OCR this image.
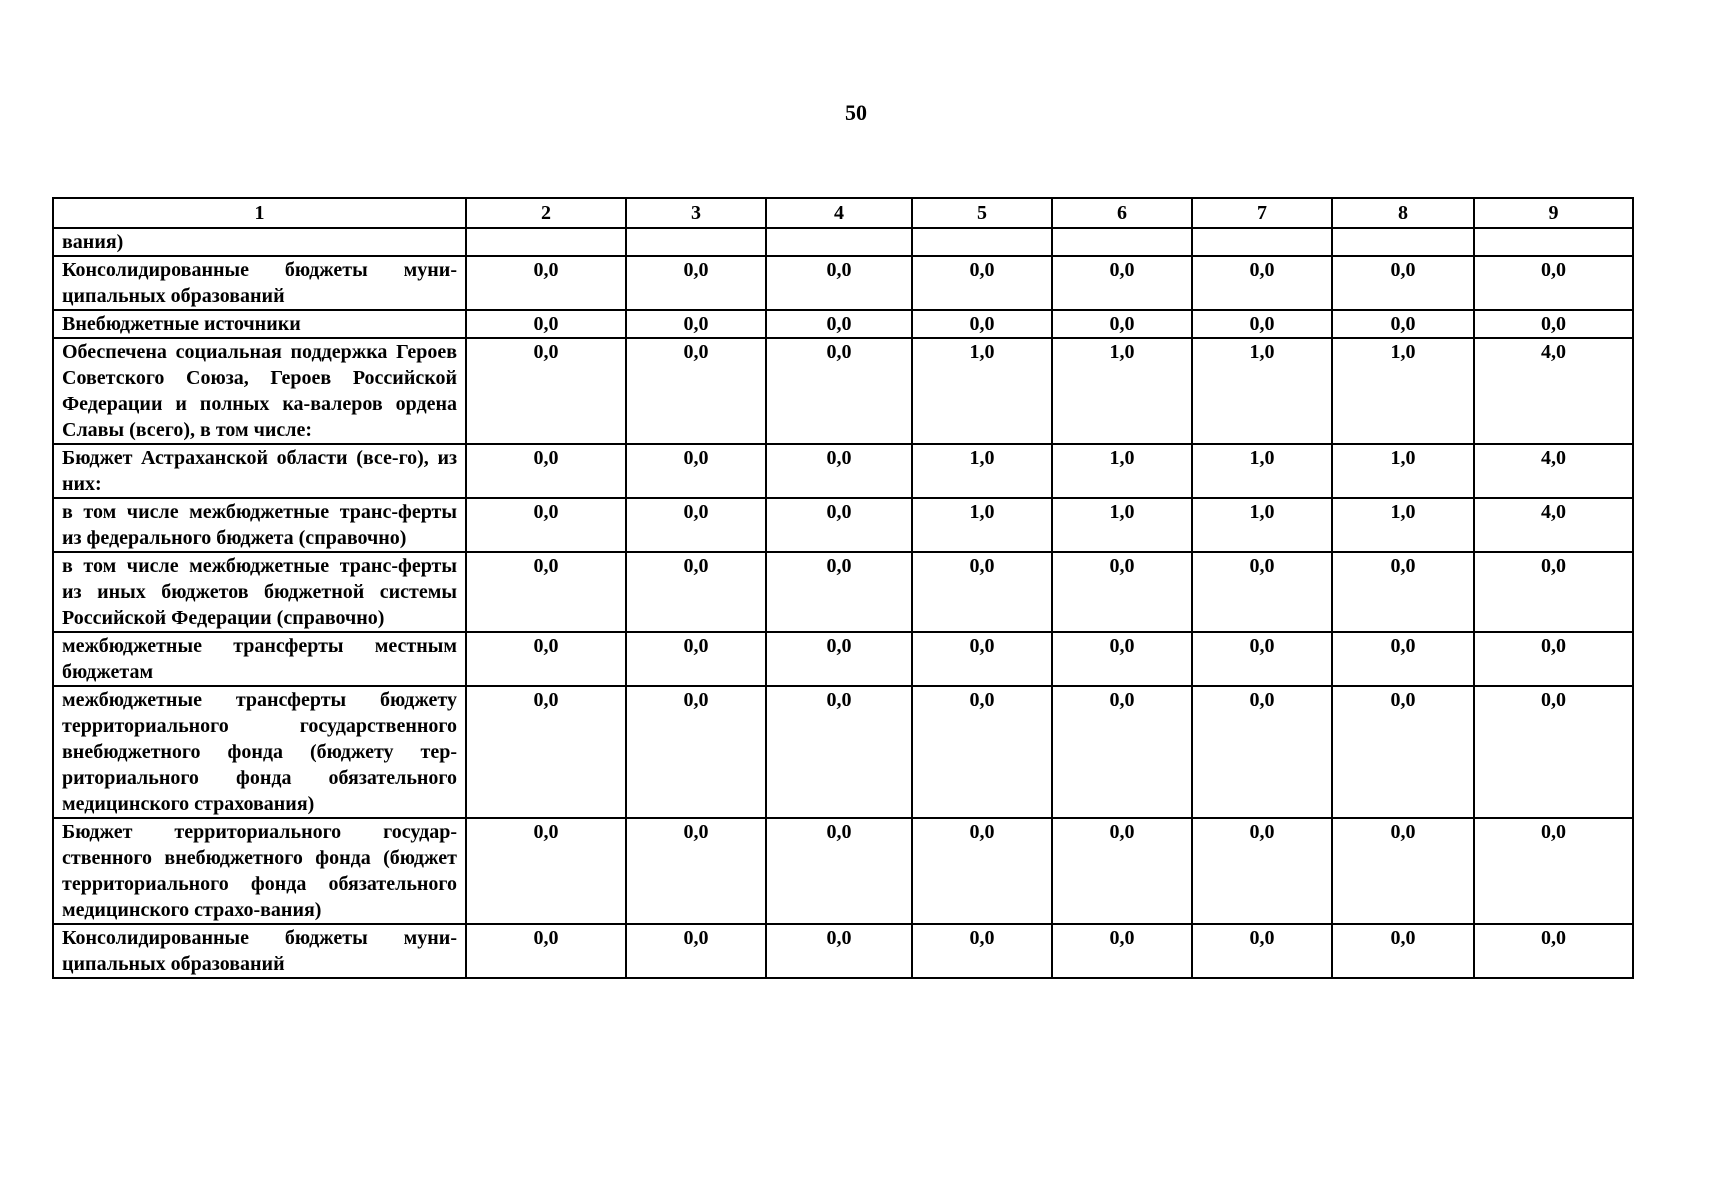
50
1	2	3	4	5	6	7	8	9
вания)								
Консолидированные бюджеты муни-ципальных образований	0,0	0,0	0,0	0,0	0,0	0,0	0,0	0,0
Внебюджетные источники	0,0	0,0	0,0	0,0	0,0	0,0	0,0	0,0
Обеспечена социальная поддержка Героев Советского Союза, Героев Российской Федерации и полных ка-валеров ордена Славы (всего), в том числе:	0,0	0,0	0,0	1,0	1,0	1,0	1,0	4,0
Бюджет Астраханской области (все-го), из них:	0,0	0,0	0,0	1,0	1,0	1,0	1,0	4,0
в том числе межбюджетные транс-ферты из федерального бюджета (справочно)	0,0	0,0	0,0	1,0	1,0	1,0	1,0	4,0
в том числе межбюджетные транс-ферты из иных бюджетов бюджетной системы Российской Федерации (справочно)	0,0	0,0	0,0	0,0	0,0	0,0	0,0	0,0
межбюджетные трансферты местным бюджетам	0,0	0,0	0,0	0,0	0,0	0,0	0,0	0,0
межбюджетные трансферты бюджету территориального государственного внебюджетного фонда (бюджету тер-риториального фонда обязательного медицинского страхования)	0,0	0,0	0,0	0,0	0,0	0,0	0,0	0,0
Бюджет территориального государ-ственного внебюджетного фонда (бюджет территориального фонда обязательного медицинского страхо-вания)	0,0	0,0	0,0	0,0	0,0	0,0	0,0	0,0
Консолидированные бюджеты муни-ципальных образований	0,0	0,0	0,0	0,0	0,0	0,0	0,0	0,0
